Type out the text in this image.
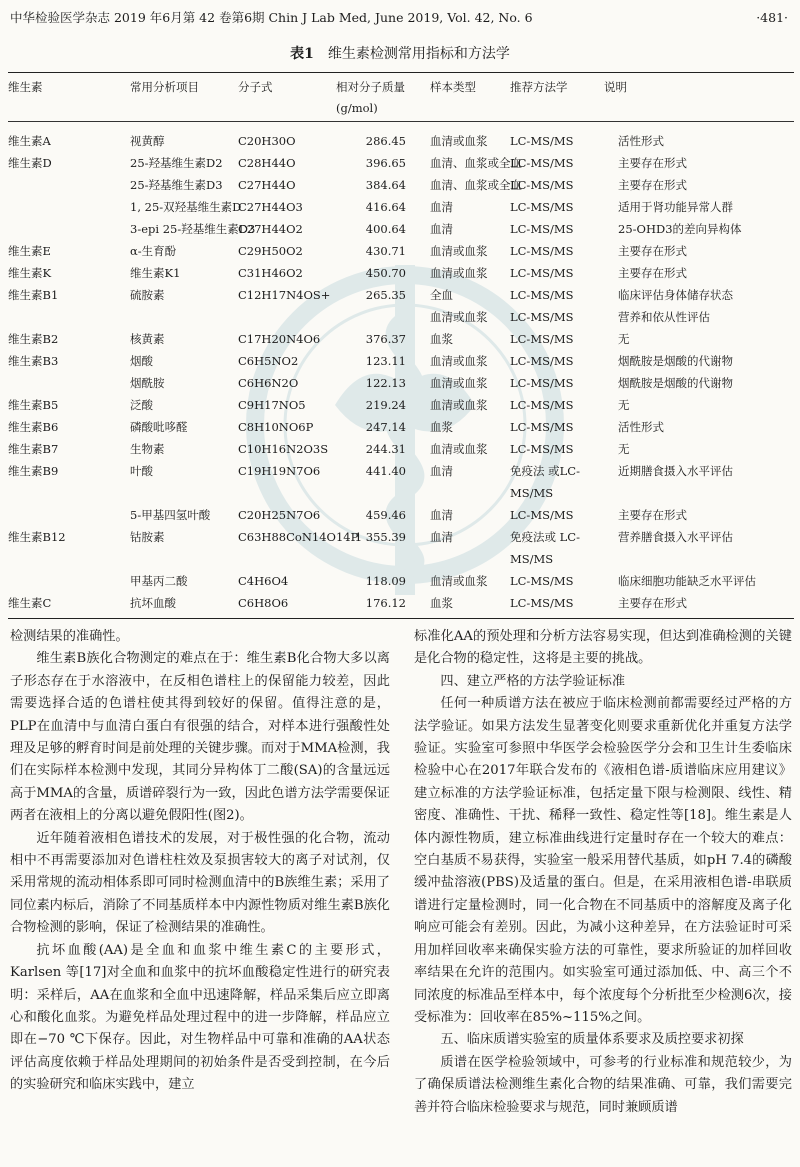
中华检验医学杂志 2019 年6月第 42 卷第6期 Chin J Lab Med, June 2019, Vol. 42, No. 6	·481·
表1 维生素检测常用指标和方法学
维生素	常用分析项目	分子式	相对分子质量(g/mol)	样本类型	推荐方法学	说明
维生素A	视黄醇	C20H30O	286.45	血清或血浆	LC-MS/MS	活性形式
维生素D	25-羟基维生素D2	C28H44O	396.65	血清、血浆或全血	LC-MS/MS	主要存在形式
	25-羟基维生素D3	C27H44O	384.64	血清、血浆或全血	LC-MS/MS	主要存在形式
	1, 25-双羟基维生素D	C27H44O3	416.64	血清	LC-MS/MS	适用于肾功能异常人群
	3-epi 25-羟基维生素D3	C27H44O2	400.64	血清	LC-MS/MS	25-OHD3的差向异构体
维生素E	α-生育酚	C29H50O2	430.71	血清或血浆	LC-MS/MS	主要存在形式
维生素K	维生素K1	C31H46O2	450.70	血清或血浆	LC-MS/MS	主要存在形式
维生素B1	硫胺素	C12H17N4OS+	265.35	全血	LC-MS/MS	临床评估身体储存状态
				血清或血浆	LC-MS/MS	营养和依从性评估
维生素B2	核黄素	C17H20N4O6	376.37	血浆	LC-MS/MS	无
维生素B3	烟酸	C6H5NO2	123.11	血清或血浆	LC-MS/MS	烟酰胺是烟酸的代谢物
	烟酰胺	C6H6N2O	122.13	血清或血浆	LC-MS/MS	烟酰胺是烟酸的代谢物
维生素B5	泛酸	C9H17NO5	219.24	血清或血浆	LC-MS/MS	无
维生素B6	磷酸吡哆醛	C8H10NO6P	247.14	血浆	LC-MS/MS	活性形式
维生素B7	生物素	C10H16N2O3S	244.31	血清或血浆	LC-MS/MS	无
维生素B9	叶酸	C19H19N7O6	441.40	血清	免疫法 或LC-MS/MS	近期膳食摄入水平评估
	5-甲基四氢叶酸	C20H25N7O6	459.46	血清	LC-MS/MS	主要存在形式
维生素B12	钴胺素	C63H88CoN14O14P	1 355.39	血清	免疫法或 LC-MS/MS	营养膳食摄入水平评估
	甲基丙二酸	C4H6O4	118.09	血清或血浆	LC-MS/MS	临床细胞功能缺乏水平评估
维生素C	抗坏血酸	C6H8O6	176.12	血浆	LC-MS/MS	主要存在形式

检测结果的准确性。

维生素B族化合物测定的难点在于：维生素B化合物大多以离子形态存在于水溶液中，在反相色谱柱上的保留能力较差，因此需要选择合适的色谱柱使其得到较好的保留。值得注意的是，PLP在血清中与血清白蛋白有很强的结合，对样本进行强酸性处理及足够的孵育时间是前处理的关键步骤。而对于MMA检测，我们在实际样本检测中发现，其同分异构体丁二酸(SA)的含量远远高于MMA的含量，质谱碎裂行为一致，因此色谱方法学需要保证两者在液相上的分离以避免假阳性(图2)。

近年随着液相色谱技术的发展，对于极性强的化合物，流动相中不再需要添加对色谱柱柱效及泵损害较大的离子对试剂，仅采用常规的流动相体系即可同时检测血清中的B族维生素；采用了同位素内标后，消除了不同基质样本中内源性物质对维生素B族化合物检测的影响，保证了检测结果的准确性。

抗坏血酸(AA)是全血和血浆中维生素C的主要形式，Karlsen 等[17]对全血和血浆中的抗坏血酸稳定性进行的研究表明：采样后，AA在血浆和全血中迅速降解，样品采集后应立即离心和酸化血浆。为避免样品处理过程中的进一步降解，样品应立即在−70 ℃下保存。因此，对生物样品中可靠和准确的AA状态评估高度依赖于样品处理期间的初始条件是否受到控制，在今后的实验研究和临床实践中，建立

标准化AA的预处理和分析方法容易实现，但达到准确检测的关键是化合物的稳定性，这将是主要的挑战。

四、建立严格的方法学验证标准

任何一种质谱方法在被应于临床检测前都需要经过严格的方法学验证。如果方法发生显著变化则要求重新优化并重复方法学验证。实验室可参照中华医学会检验医学分会和卫生计生委临床检验中心在2017年联合发布的《液相色谱-质谱临床应用建议》建立标准的方法学验证标准，包括定量下限与检测限、线性、精密度、准确性、干扰、稀释一致性、稳定性等[18]。维生素是人体内源性物质，建立标准曲线进行定量时存在一个较大的难点：空白基质不易获得，实验室一般采用替代基质，如pH 7.4的磷酸缓冲盐溶液(PBS)及适量的蛋白。但是，在采用液相色谱-串联质谱进行定量检测时，同一化合物在不同基质中的溶解度及离子化响应可能会有差别。因此，为减小这种差异，在方法验证时可采用加样回收率来确保实验方法的可靠性，要求所验证的加样回收率结果在允许的范围内。如实验室可通过添加低、中、高三个不同浓度的标准品至样本中，每个浓度每个分析批至少检测6次，接受标准为：回收率在85%~115%之间。

五、临床质谱实验室的质量体系要求及质控要求初探

质谱在医学检验领域中，可参考的行业标准和规范较少，为了确保质谱法检测维生素化合物的结果准确、可靠，我们需要完善并符合临床检验要求与规范，同时兼顾质谱
